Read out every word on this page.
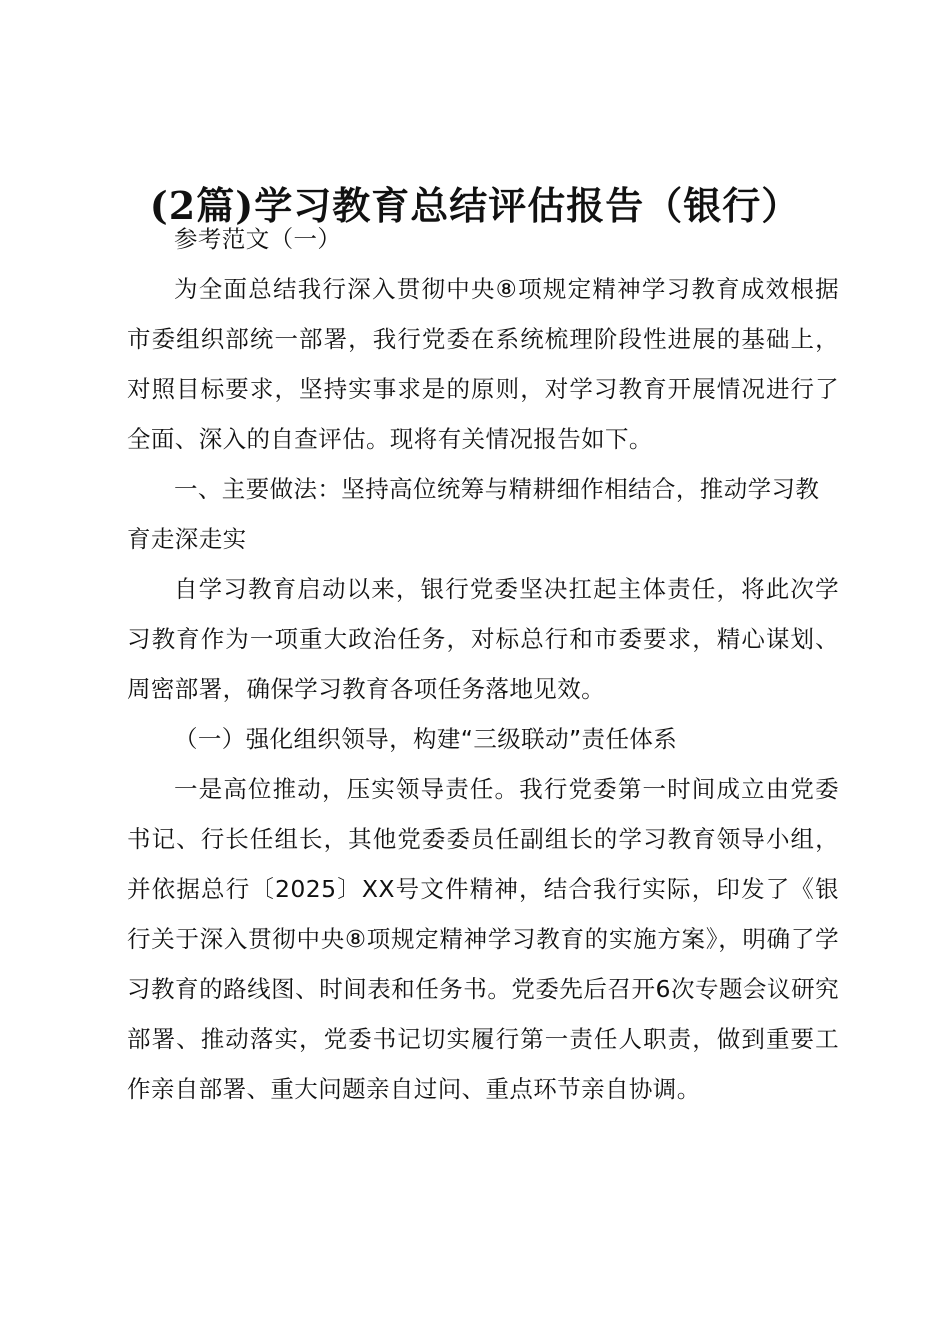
(2篇)学习教育总结评估报告（银行）

参考范文（一）

为全面总结我行深入贯彻中央⑧项规定精神学习教育成效根据市委组织部统一部署，我行党委在系统梳理阶段性进展的基础上，对照目标要求，坚持实事求是的原则，对学习教育开展情况进行了全面、深入的自查评估。现将有关情况报告如下。

一、主要做法：坚持高位统筹与精耕细作相结合，推动学习教育走深走实

自学习教育启动以来，银行党委坚决扛起主体责任，将此次学习教育作为一项重大政治任务，对标总行和市委要求，精心谋划、周密部署，确保学习教育各项任务落地见效。

（一）强化组织领导，构建“三级联动”责任体系

一是高位推动，压实领导责任。我行党委第一时间成立由党委书记、行长任组长，其他党委委员任副组长的学习教育领导小组，并依据总行〔2025〕XX号文件精神，结合我行实际，印发了《银行关于深入贯彻中央⑧项规定精神学习教育的实施方案》，明确了学习教育的路线图、时间表和任务书。党委先后召开6次专题会议研究部署、推动落实，党委书记切实履行第一责任人职责，做到重要工作亲自部署、重大问题亲自过问、重点环节亲自协调。
